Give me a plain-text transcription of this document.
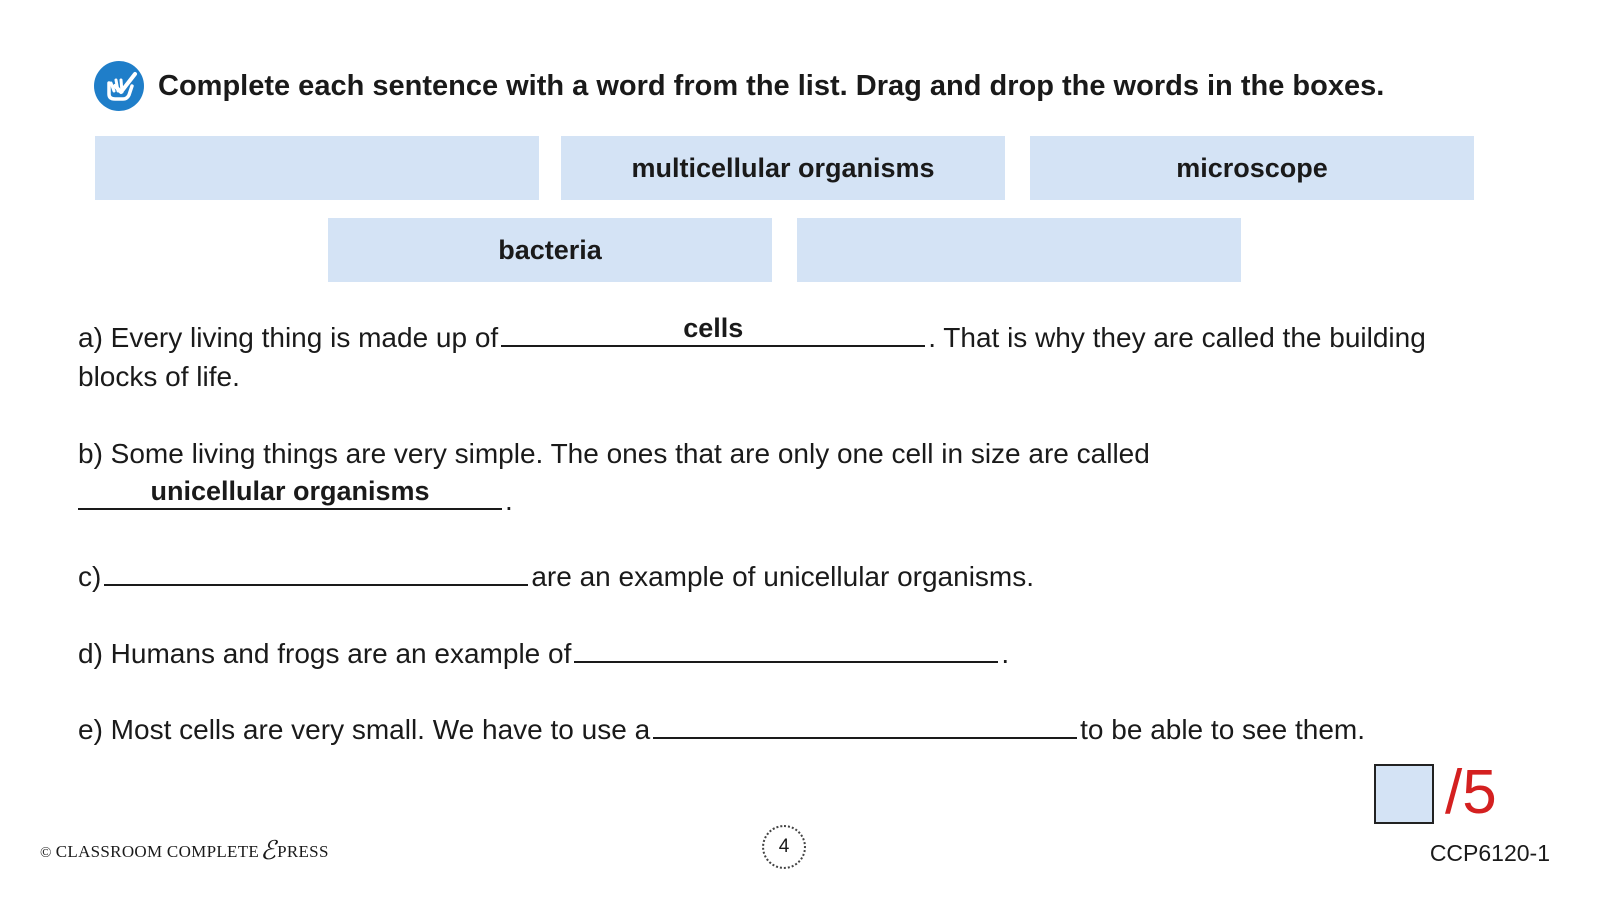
Complete each sentence with a word from the list. Drag and drop the words in the boxes.
multicellular organisms	microscope
bacteria
a) Every living thing is made up of	cells	. That is why they are called the building
blocks of life.
b) Some living things are very simple. The ones that are only one cell in size are called
unicellular organisms	.
c)	are an example of unicellular organisms.
d) Humans and frogs are an example of	.
e) Most cells are very small. We have to use a	to be able to see them.
/5
© CLASSROOM COMPLETEℰPRESS	4	CCP6120-1
